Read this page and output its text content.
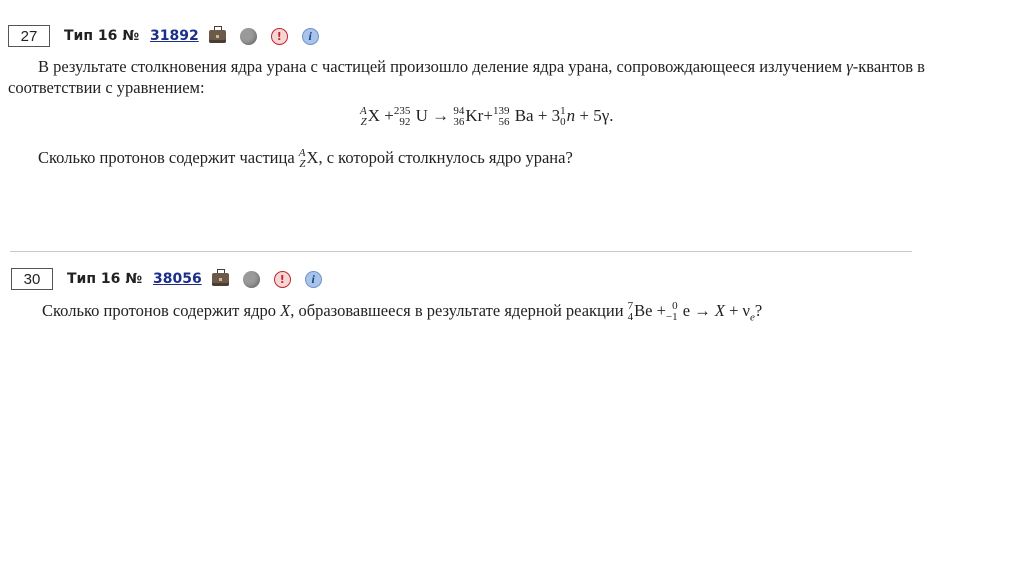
27	Тип 16 № 31892	!	i
В результате столкновения ядра урана с частицей произошло деление ядра урана, сопровождающееся излучением γ-квантов в
соответствии с уравнением:
A
Z X + 235
92 U → 94
36 Kr+ 139
56 Ba + 3 1
0 n + 5γ.
Сколько протонов содержит частица A
Z X, с которой столкнулось ядро урана?
30	Тип 16 № 38056	!	i
Сколько протонов содержит ядро X, образовавшееся в результате ядерной реакции 7
4 Be + 0
−1 $e \to X + \nu_e$?
